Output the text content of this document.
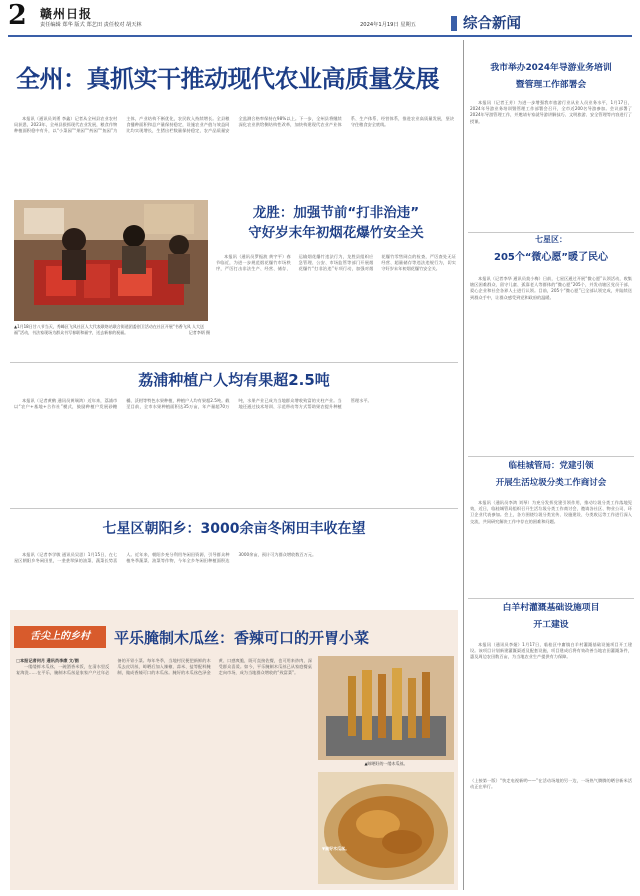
2 赣州日报
责任编辑 郑华 版式 郑艺田 责任校对 胡天林	2024年1月19日 星期五	综合新闻
全州：真抓实干推动现代农业高质量发展

本报讯（通讯员刘勇 李鑫）记者从全州县农业农村局获悉，2023年，全州县狠抓现代农业发展，粮食作物种植面积稳中有升，以“小菜园”“果园”“药园”“鱼园”为主体，产业结构不断优化，农民收入持续增长。全县粮食播种面积和总产量保持稳定，设施农业产值与效益同比均实现增长，生猪出栏数量保持稳定，农产品质量安全监测合格率保持在98%以上。下一步，全州县将继续深化农业供给侧结构性改革，加快构建现代农业产业体系、生产体系、经营体系，推进农业高质量发展，坚决守住粮食安全底线。

▲1月18日甘八节当天，秀峰区飞凤社区人大代表联络站联合街道团委创卫活动在社区开展“书香飞凤 人大送福”活动，书法家现场为群众书写春联和福字，送去新春的祝福。	记者李炳 摄
龙胜：加强节前“打非治违”
守好岁末年初烟花爆竹安全关

本报讯（通讯员罗振波 黄宇平）春节临近，为进一步规范烟花爆竹市场秩序，严厉打击非法生产、经营、储存、运输烟花爆竹违法行为，龙胜县组织应急管理、公安、市场监管等部门开展烟花爆竹“打非治违”专项行动，加强对烟花爆竹零售网点的检查，严厉查处无证经营、超量储存等违法违规行为，切实守好岁末年初烟花爆竹安全关。

荔浦种植户人均有果超2.5吨

本报讯（记者黄鹤 通讯员黄瑞鸿）近年来，荔浦市以“农户+基地+合作社”模式，鼓励种植户发展砂糖橘、沃柑等特色水果种植，种植户人均有果超2.5吨。截至目前，全市水果种植面积达35万亩，年产量超70万吨，水果产业已成为当地群众增收致富的支柱产业。当地还通过技术培训、示范带动等方式帮助果农提升种植管理水平。

七星区朝阳乡：3000余亩冬闲田丰收在望

本报讯（记者李学敏 通讯员吴思）1月15日，在七星区朝阳乡冬闲田里，一垄垄翠绿的油菜、蔬菜长势喜人。近年来，朝阳乡充分利用冬闲田资源，引导群众种植冬季蔬菜、油菜等作物，今年全乡冬闲田种植面积达3000余亩，预计可为群众增收数百万元。

舌尖上的乡村	平乐腌制木瓜丝：香辣可口的开胃小菜

□本报记者何月 通讯员李康 文/图

一缕缕鲜木瓜丝，一碗酒香米饭，在清水里反复淘洗……在平乐，腌制木瓜丝是家家户户过年必备的开胃小菜。每年冬季，当地村民便把新鲜的木瓜去皮切丝，晾晒后加入辣椒、蒜米、盐等配料腌制，做成香辣可口的木瓜丝。腌好的木瓜丝色泽金黄、口感爽脆，既可直接佐餐，也可用来炒肉，深受群众喜爱。如今，平乐腌制木瓜丝已从家庭餐桌走向市场，成为当地群众增收的“致富菜”。

▲晾晒好的一缕木瓜丝。
▼腌好木瓜丝。
我市举办2024年导游业务培训
暨管理工作部署会

本报讯（记者王芳）为进一步增强我市旅游行业从业人员业务水平，1月17日，2024年导游业务培训暨管理工作部署会召开，全市近200名导游参加。会议部署了2024年导游管理工作，并邀请专家就导游讲解技巧、文明旅游、安全管理等内容进行了授课。

七星区：
205个“微心愿”暖了民心

本报讯（记者李华 通讯员莫小梅）日前，七星区通过开展“微心愿”认领活动，收集辖区困难群众、留守儿童、孤寡老人等群体的“微心愿”205个，并发动辖区党员干部、爱心企业和社会各界人士进行认领。目前，205个“微心愿”已全部认领完成，并陆续送到群众手中，让群众感受到党和政府的温暖。

临桂城管局：党建引领
开展生活垃圾分类工作商讨会

本报讯（通讯员李鸿 刘琴）为充分发挥党建引领作用，推动垃圾分类工作落地见效，近日，临桂城管局组织召开生活垃圾分类工作商讨会，邀请各社区、物业公司、环卫企业代表参加。会上，各方围绕垃圾分类宣传、设施建设、分类收运等工作进行深入交流，共同研究解决工作中存在的困难和问题。

白羊村灌溉基础设施项目
开工建设

本报讯（通讯员李娅）1月17日，临桂区中庸镇白羊村灌溉基础设施项目开工建设。该项目计划新建灌溉渠道及配套设施，项目建成后将有效改善当地农田灌溉条件，惠及周边农田数百亩，为当地农业生产提供有力保障。

（上接第一版）“快走电视新哟——”在活动场地的另一边，一场热气腾腾的晒谷新米活动正在举行。
